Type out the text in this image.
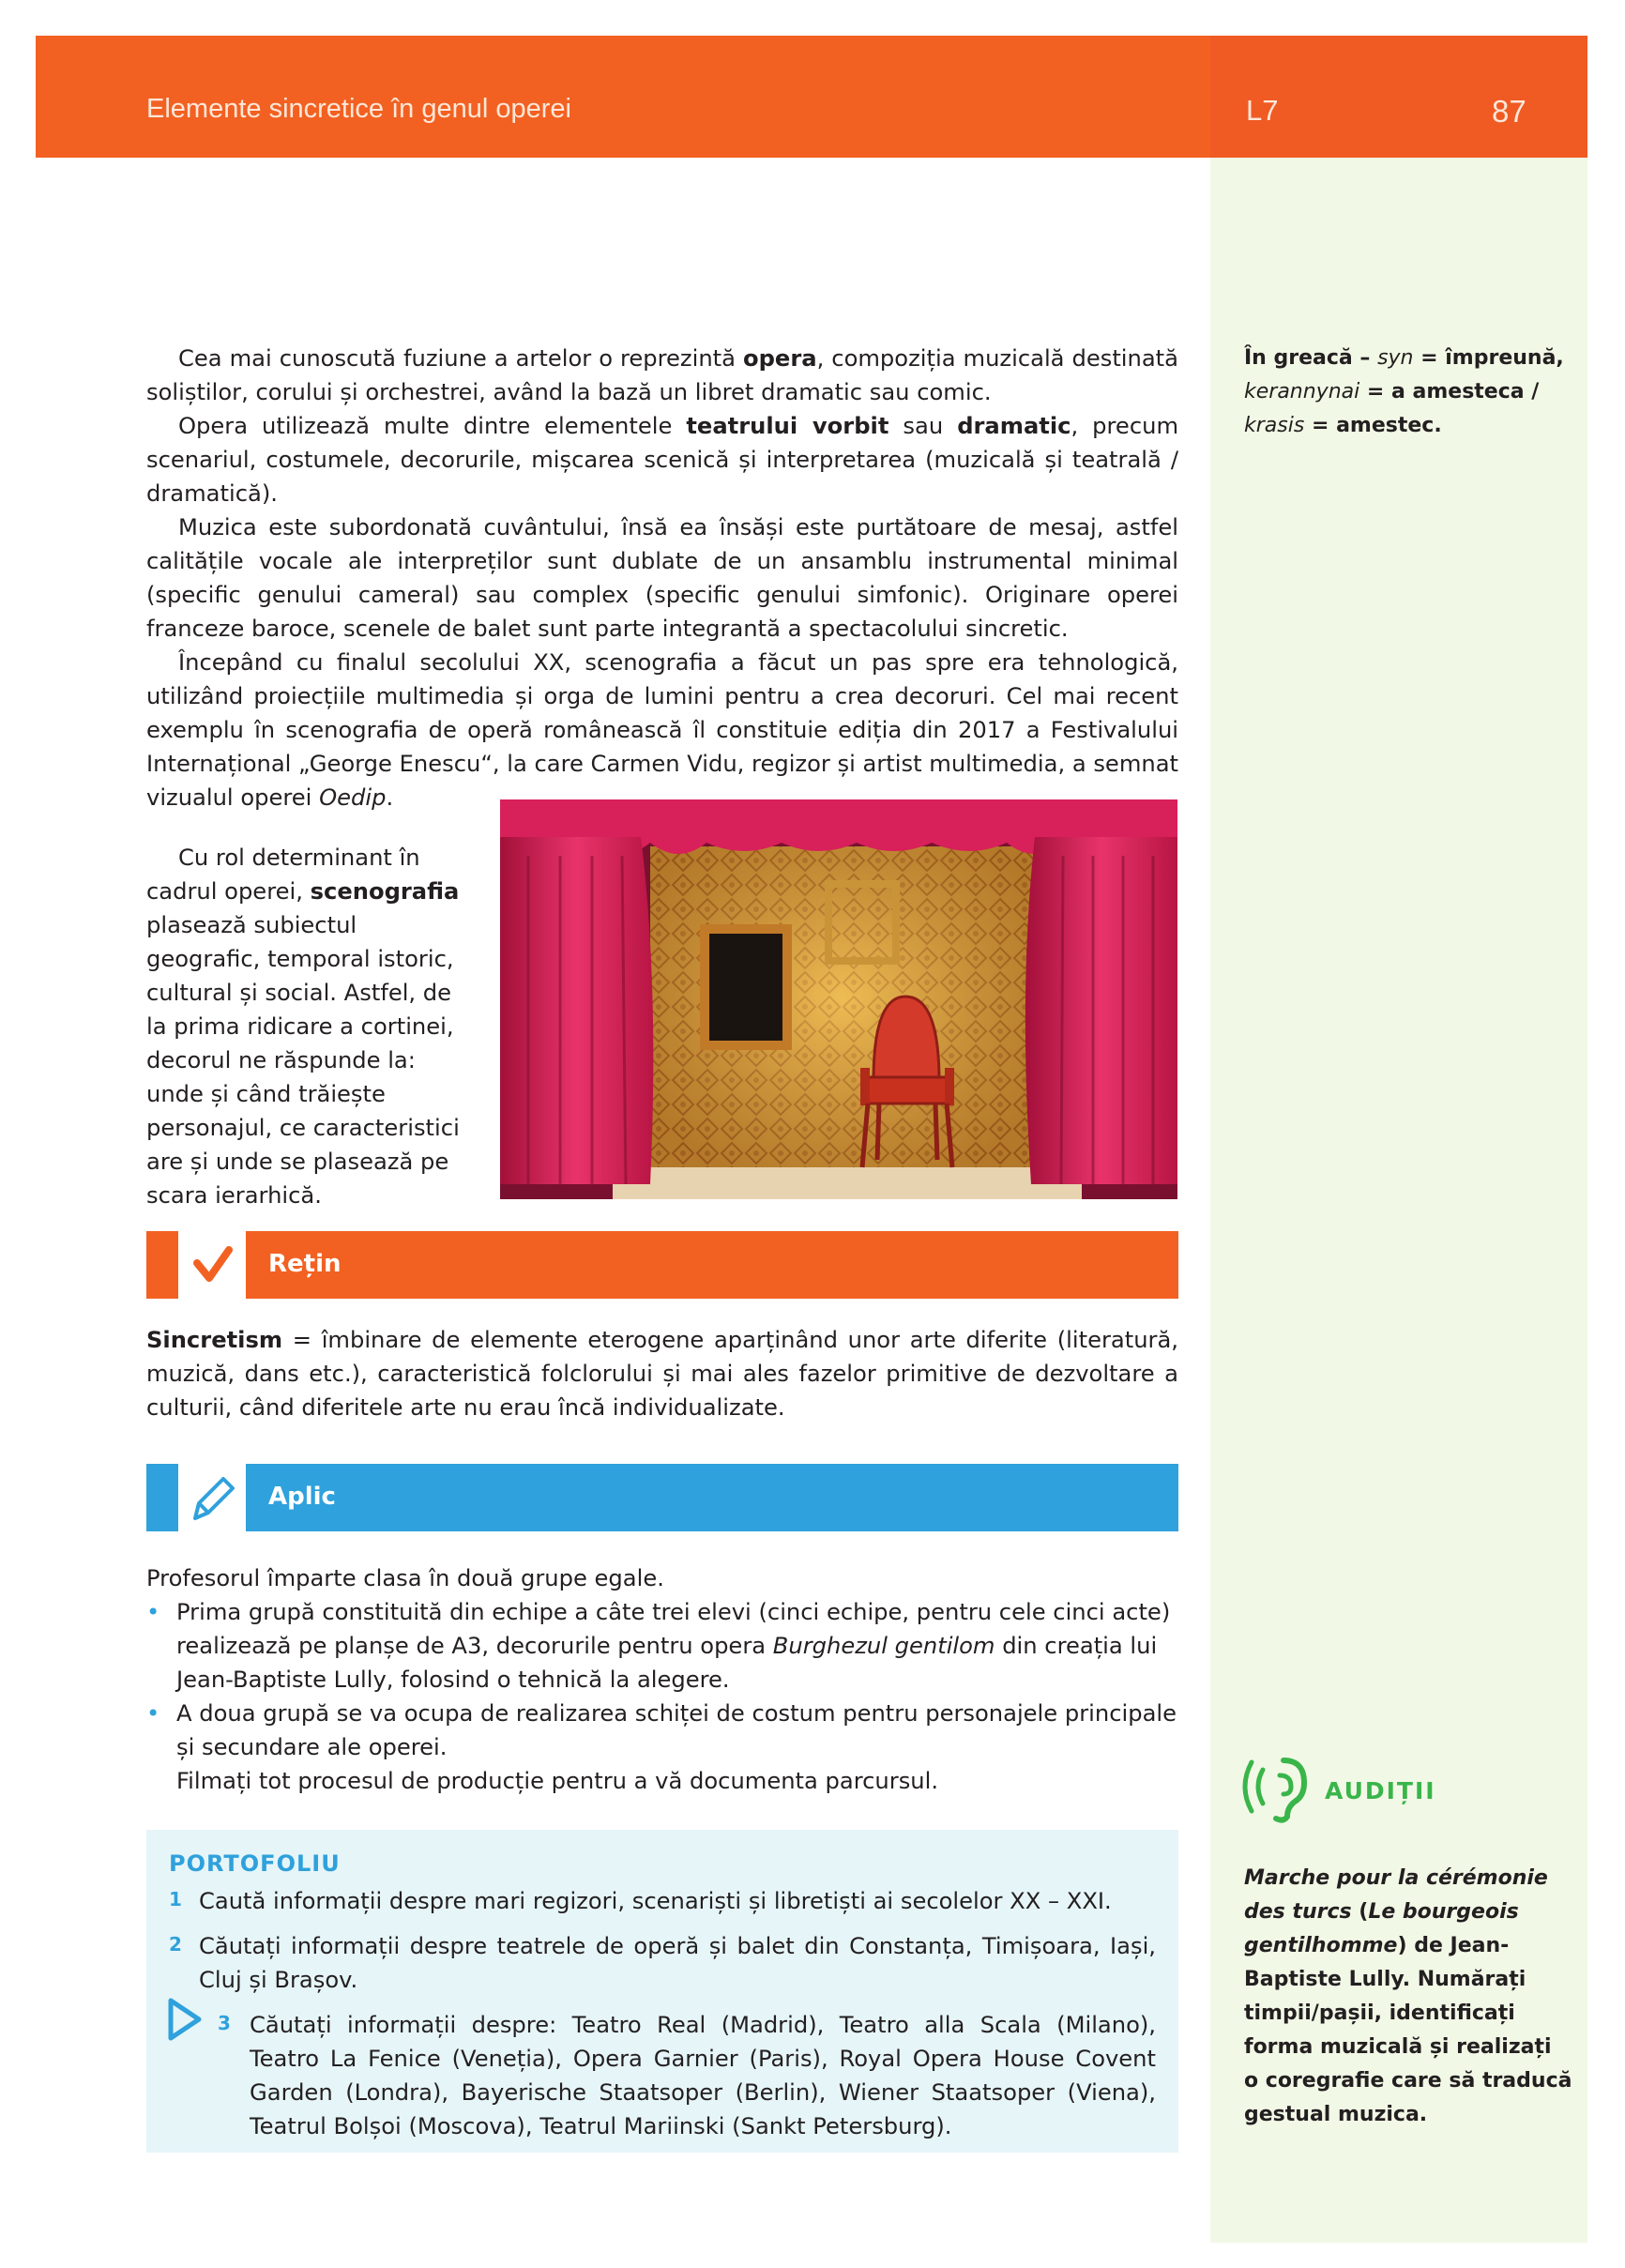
Elemente sincretice în genul operei	L7	87
În greacă – syn = împreună, kerannynai = a amesteca / krasis = amestec.

Cea mai cunoscută fuziune a artelor o reprezintă opera, compoziția muzicală destinată soliștilor, corului și orchestrei, având la bază un libret dramatic sau comic.

Opera utilizează multe dintre elementele teatrului vorbit sau dramatic, precum scenariul, costumele, decorurile, mișcarea scenică și interpretarea (muzicală și teatrală / dramatică).

Muzica este subordonată cuvântului, însă ea însăși este purtătoare de mesaj, astfel calitățile vocale ale interpreților sunt dublate de un ansamblu instrumental minimal (specific genului cameral) sau complex (specific genului simfonic). Originare operei franceze baroce, scenele de balet sunt parte integrantă a spectacolului sincretic.

Începând cu finalul secolului XX, scenografia a făcut un pas spre era tehnologică, utilizând proiecțiile multimedia și orga de lumini pentru a crea decoruri. Cel mai recent exemplu în scenografia de operă românească îl constituie ediția din 2017 a Festivalului Internațional „George Enescu“, la care Carmen Vidu, regizor și artist multimedia, a semnat vizualul operei Oedip.

Cu rol determinant în cadrul operei, scenografia plasează subiectul geografic, temporal istoric, cultural și social. Astfel, de la prima ridicare a cortinei, decorul ne răspunde la: unde și când trăiește personajul, ce caracteristici are și unde se plasează pe scara ierarhică.
Rețin
Sincretism = îmbinare de elemente eterogene aparținând unor arte diferite (literatură, muzică, dans etc.), caracteristică folclorului și mai ales fazelor primitive de dezvoltare a culturii, când diferitele arte nu erau încă individualizate.
Aplic
Profesorul împarte clasa în două grupe egale.
• Prima grupă constituită din echipe a câte trei elevi (cinci echipe, pentru cele cinci acte) realizează pe planșe de A3, decorurile pentru opera Burghezul gentilom din creația lui Jean-Baptiste Lully, folosind o tehnică la alegere.
• A doua grupă se va ocupa de realizarea schiței de costum pentru personajele principale și secundare ale operei.
Filmați tot procesul de producție pentru a vă documenta parcursul.
PORTOFOLIU
1 Caută informații despre mari regizori, scenariști și libretiști ai secolelor XX – XXI.
2 Căutați informații despre teatrele de operă și balet din Constanța, Timișoara, Iași, Cluj și Brașov.
3 Căutați informații despre: Teatro Real (Madrid), Teatro alla Scala (Milano), Teatro La Fenice (Veneția), Opera Garnier (Paris), Royal Opera House Covent Garden (Londra), Bayerische Staatsoper (Berlin), Wiener Staatsoper (Viena), Teatrul Bolșoi (Moscova), Teatrul Mariinski (Sankt Petersburg).
AUDIȚII
Marche pour la cérémonie des turcs (Le bourgeois gentilhomme) de Jean-Baptiste Lully. Numărați timpii/pașii, identificați forma muzicală și realizați o coregrafie care să traducă gestual muzica.
